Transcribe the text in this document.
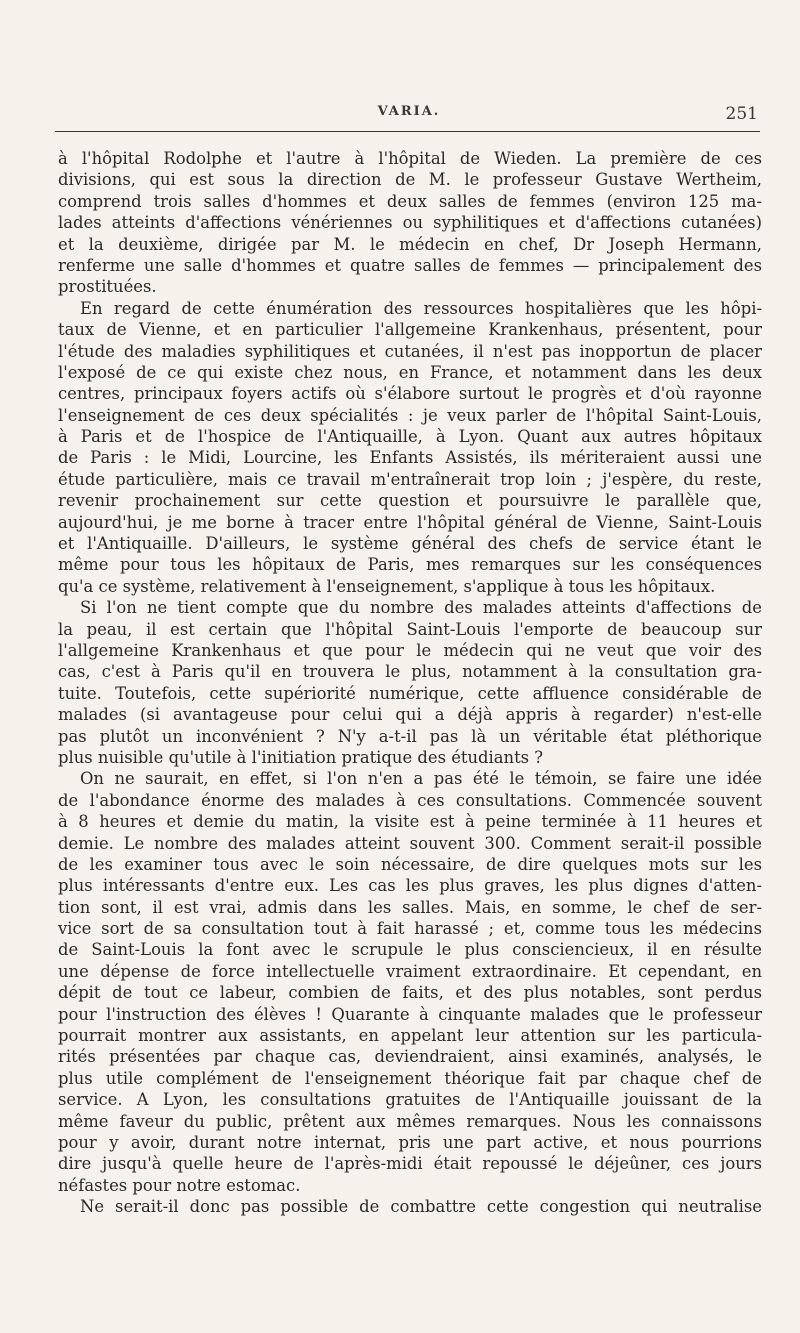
VARIA.	251
à l'hôpital Rodolphe et l'autre à l'hôpital de Wieden. La première de ces
divisions, qui est sous la direction de M. le professeur Gustave Wertheim,
comprend trois salles d'hommes et deux salles de femmes (environ 125 ma-
lades atteints d'affections vénériennes ou syphilitiques et d'affections cutanées)
et la deuxième, dirigée par M. le médecin en chef, Dr Joseph Hermann,
renferme une salle d'hommes et quatre salles de femmes — principalement des
prostituées.
En regard de cette énumération des ressources hospitalières que les hôpi-
taux de Vienne, et en particulier l'allgemeine Krankenhaus, présentent, pour
l'étude des maladies syphilitiques et cutanées, il n'est pas inopportun de placer
l'exposé de ce qui existe chez nous, en France, et notamment dans les deux
centres, principaux foyers actifs où s'élabore surtout le progrès et d'où rayonne
l'enseignement de ces deux spécialités : je veux parler de l'hôpital Saint-Louis,
à Paris et de l'hospice de l'Antiquaille, à Lyon. Quant aux autres hôpitaux
de Paris : le Midi, Lourcine, les Enfants Assistés, ils mériteraient aussi une
étude particulière, mais ce travail m'entraînerait trop loin ; j'espère, du reste,
revenir prochainement sur cette question et poursuivre le parallèle que,
aujourd'hui, je me borne à tracer entre l'hôpital général de Vienne, Saint-Louis
et l'Antiquaille. D'ailleurs, le système général des chefs de service étant le
même pour tous les hôpitaux de Paris, mes remarques sur les conséquences
qu'a ce système, relativement à l'enseignement, s'applique à tous les hôpitaux.
Si l'on ne tient compte que du nombre des malades atteints d'affections de
la peau, il est certain que l'hôpital Saint-Louis l'emporte de beaucoup sur
l'allgemeine Krankenhaus et que pour le médecin qui ne veut que voir des
cas, c'est à Paris qu'il en trouvera le plus, notamment à la consultation gra-
tuite. Toutefois, cette supériorité numérique, cette affluence considérable de
malades (si avantageuse pour celui qui a déjà appris à regarder) n'est-elle
pas plutôt un inconvénient ? N'y a-t-il pas là un véritable état pléthorique
plus nuisible qu'utile à l'initiation pratique des étudiants ?
On ne saurait, en effet, si l'on n'en a pas été le témoin, se faire une idée
de l'abondance énorme des malades à ces consultations. Commencée souvent
à 8 heures et demie du matin, la visite est à peine terminée à 11 heures et
demie. Le nombre des malades atteint souvent 300. Comment serait-il possible
de les examiner tous avec le soin nécessaire, de dire quelques mots sur les
plus intéressants d'entre eux. Les cas les plus graves, les plus dignes d'atten-
tion sont, il est vrai, admis dans les salles. Mais, en somme, le chef de ser-
vice sort de sa consultation tout à fait harassé ; et, comme tous les médecins
de Saint-Louis la font avec le scrupule le plus consciencieux, il en résulte
une dépense de force intellectuelle vraiment extraordinaire. Et cependant, en
dépit de tout ce labeur, combien de faits, et des plus notables, sont perdus
pour l'instruction des élèves ! Quarante à cinquante malades que le professeur
pourrait montrer aux assistants, en appelant leur attention sur les particula-
rités présentées par chaque cas, deviendraient, ainsi examinés, analysés, le
plus utile complément de l'enseignement théorique fait par chaque chef de
service. A Lyon, les consultations gratuites de l'Antiquaille jouissant de la
même faveur du public, prêtent aux mêmes remarques. Nous les connaissons
pour y avoir, durant notre internat, pris une part active, et nous pourrions
dire jusqu'à quelle heure de l'après-midi était repoussé le déjeûner, ces jours
néfastes pour notre estomac.
Ne serait-il donc pas possible de combattre cette congestion qui neutralise
